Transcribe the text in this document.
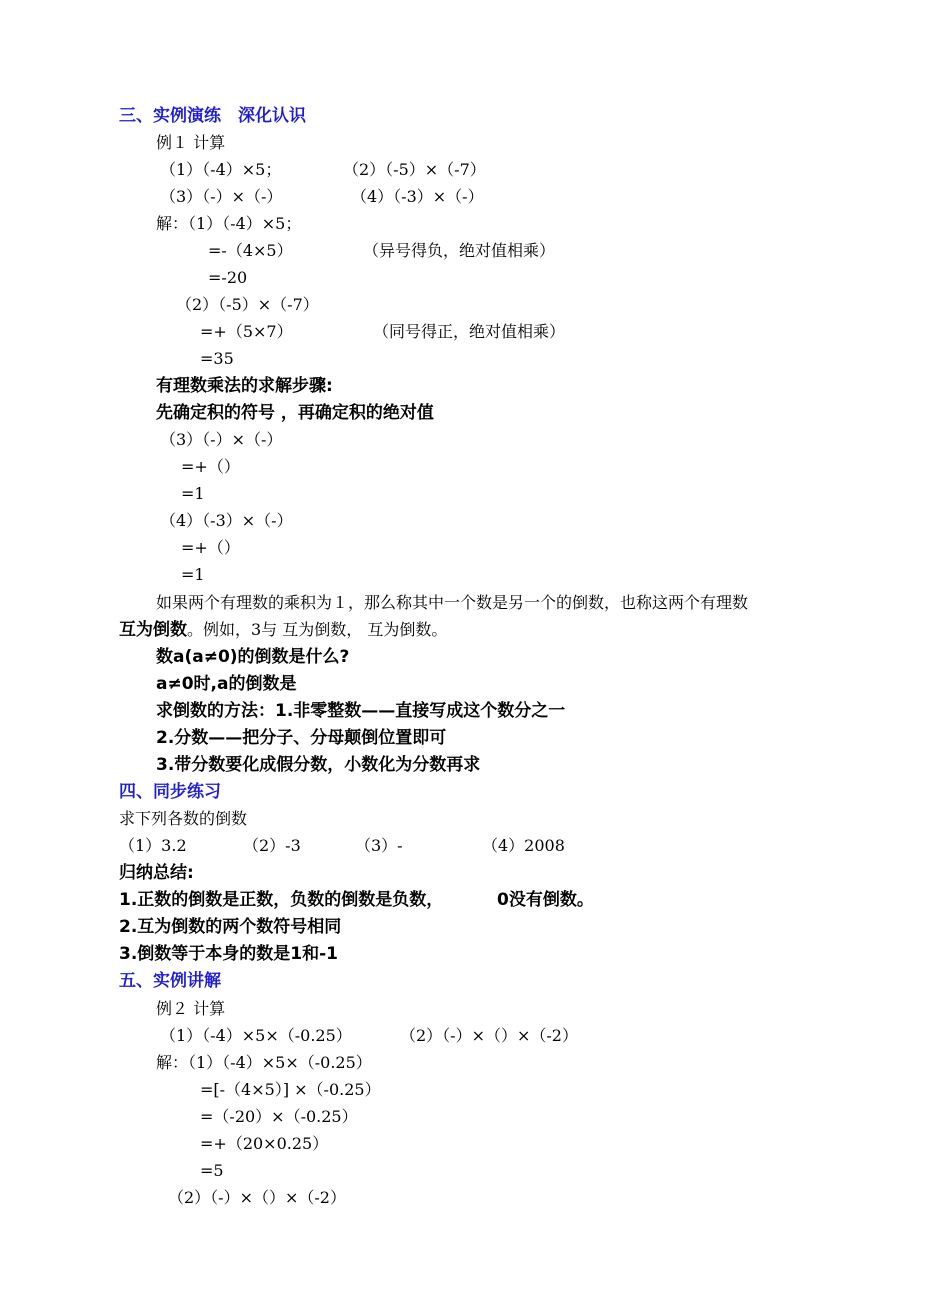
三、实例演练　深化认识
例１ 计算
（1）（-4）×5；	（2）（-5）×（-7）
（3）（-）×（-）	（4）（-3）×（-）
解：（1）（-4）×5；
=-（4×5）	（异号得负，绝对值相乘）
=-20
（2）（-5）×（-7）
=+（5×7）	（同号得正，绝对值相乘）
=35
有理数乘法的求解步骤:
先确定积的符号 ，再确定积的绝对值
（3）（-）×（-）
=+（）
=1
（4）（-3）×（-）
=+（）
=1
如果两个有理数的乘积为１，那么称其中一个数是另一个的倒数，也称这两个有理数
互为倒数。例如，3与 互为倒数， 互为倒数。
数a(a≠0)的倒数是什么?
a≠0时,a的倒数是
求倒数的方法：1.非零整数——直接写成这个数分之一
2.分数——把分子、分母颠倒位置即可
3.带分数要化成假分数，小数化为分数再求
四、同步练习
求下列各数的倒数
（1）3.2	（2）-3	（3）-	（4）2008
归纳总结:
1.正数的倒数是正数，负数的倒数是负数，	0没有倒数。
2.互为倒数的两个数符号相同
3.倒数等于本身的数是1和-1
五、实例讲解
例２ 计算
（1）（-4）×5×（-0.25）	（2）（-）×（）×（-2）
解：（1）（-4）×5×（-0.25）
=[-（4×5）] ×（-0.25）
=（-20）×（-0.25）
=+（20×0.25）
=5
（2）（-）×（）×（-2）
